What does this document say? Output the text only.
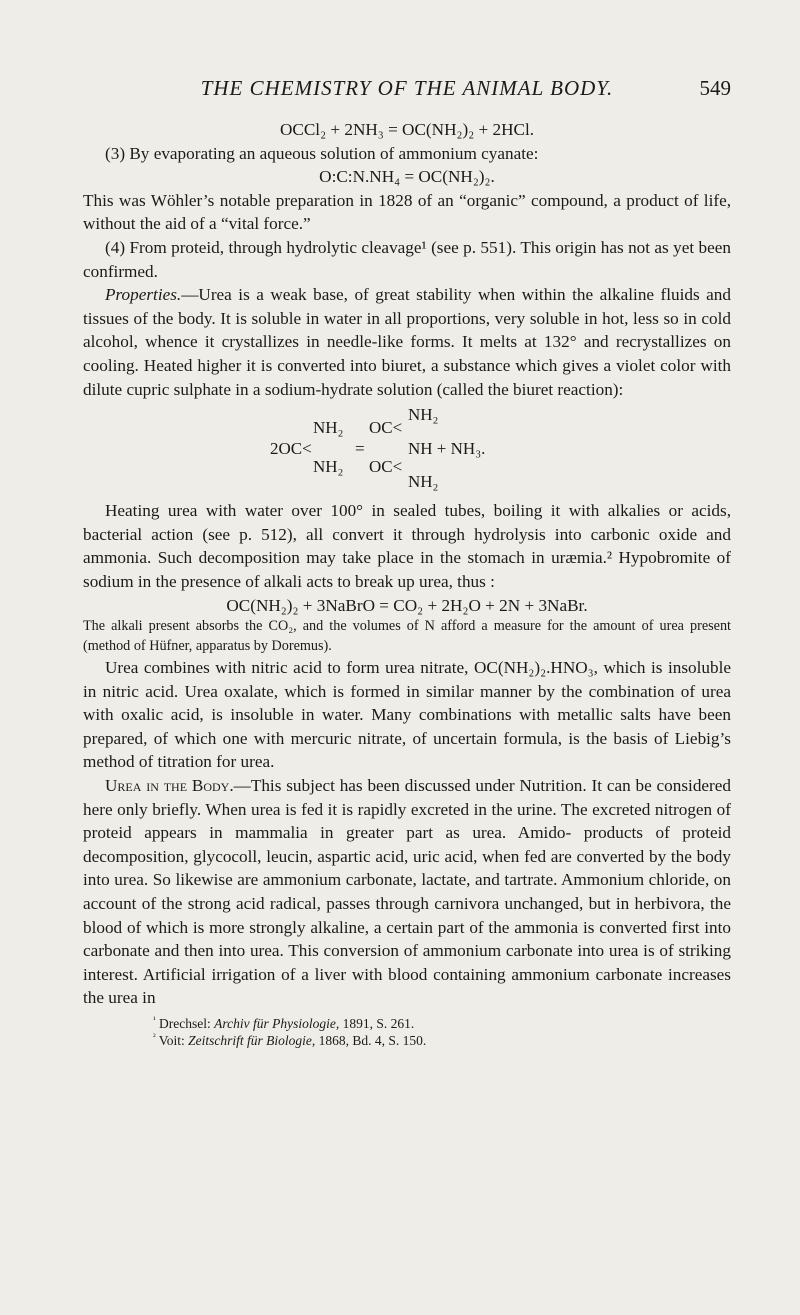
THE CHEMISTRY OF THE ANIMAL BODY.	549

OCCl₂ + 2NH₃ = OC(NH₂)₂ + 2HCl.

(3) By evaporating an aqueous solution of ammonium cyanate:

O:C:N.NH₄ = OC(NH₂)₂.

This was Wöhler’s notable preparation in 1828 of an “organic” compound, a product of life, without the aid of a “vital force.”

(4) From proteid, through hydrolytic cleavage¹ (see p. 551). This origin has not as yet been confirmed.

Properties.—Urea is a weak base, of great stability when within the alkaline fluids and tissues of the body. It is soluble in water in all proportions, very soluble in hot, less so in cold alcohol, whence it crystallizes in needle-like forms. It melts at 132° and recrystallizes on cooling. Heated higher it is converted into biuret, a substance which gives a violet color with dilute cupric sulphate in a sodium-hydrate solution (called the biuret reaction):

NH₂
NH₂ OC<
2OC<	=	NH + NH₃.
NH₂ OC<
NH₂

Heating urea with water over 100° in sealed tubes, boiling it with alkalies or acids, bacterial action (see p. 512), all convert it through hydrolysis into carbonic oxide and ammonia. Such decomposition may take place in the stomach in uræmia.² Hypobromite of sodium in the presence of alkali acts to break up urea, thus :

OC(NH₂)₂ + 3NaBrO = CO₂ + 2H₂O + 2N + 3NaBr.

The alkali present absorbs the CO₂, and the volumes of N afford a measure for the amount of urea present (method of Hüfner, apparatus by Doremus).

Urea combines with nitric acid to form urea nitrate, OC(NH₂)₂.HNO₃, which is insoluble in nitric acid. Urea oxalate, which is formed in similar manner by the combination of urea with oxalic acid, is insoluble in water. Many combinations with metallic salts have been prepared, of which one with mercuric nitrate, of uncertain formula, is the basis of Liebig’s method of titration for urea.

Urea in the Body.—This subject has been discussed under Nutrition. It can be considered here only briefly. When urea is fed it is rapidly excreted in the urine. The excreted nitrogen of proteid appears in mammalia in greater part as urea. Amido- products of proteid decomposition, glycocoll, leucin, aspartic acid, uric acid, when fed are converted by the body into urea. So likewise are ammonium carbonate, lactate, and tartrate. Ammonium chloride, on account of the strong acid radical, passes through carnivora unchanged, but in herbivora, the blood of which is more strongly alkaline, a certain part of the ammonia is converted first into carbonate and then into urea. This conversion of ammonium carbonate into urea is of striking interest. Artificial irrigation of a liver with blood containing ammonium carbonate increases the urea in

$^{^1}$ Drechsel: Archiv für Physiologie, 1891, S. 261.
$^{^2}$ Voit: Zeitschrift für Biologie, 1868, Bd. 4, S. 150.
